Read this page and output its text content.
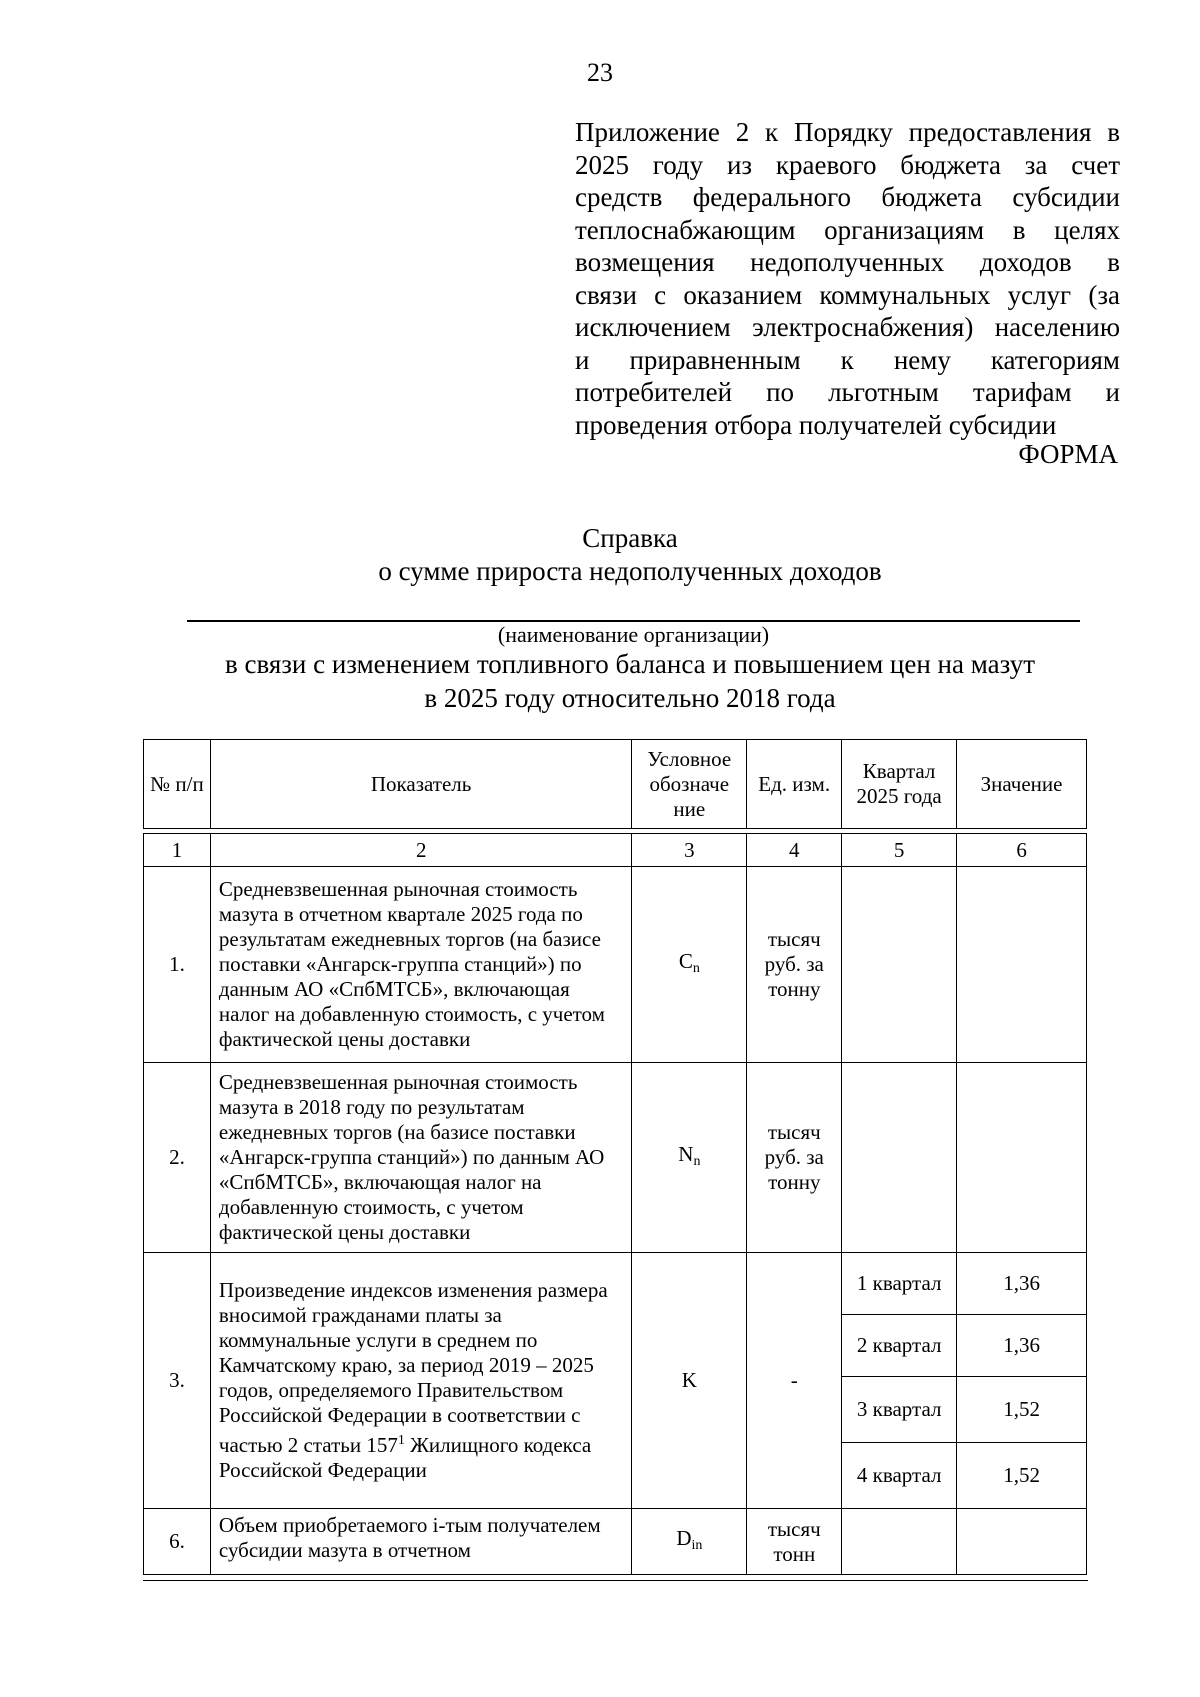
23
Приложение 2 к Порядку предоставления в
2025 году из краевого бюджета за счет
средств федерального бюджета субсидии
теплоснабжающим организациям в целях
возмещения недополученных доходов в
связи с оказанием коммунальных услуг (за
исключением электроснабжения) населению
и приравненным к нему категориям
потребителей по льготным тарифам и
проведения отбора получателей субсидии
ФОРМА
Справка
о сумме прироста недополученных доходов
(наименование организации)
в связи с изменением топливного баланса и повышением цен на мазут
в 2025 году относительно 2018 года
№ п/п	Показатель	Условное обозначе ние	Ед. изм.	Квартал 2025 года	Значение
1	2	3	4	5	6
1.	Средневзвешенная рыночная стоимость мазута в отчетном квартале 2025 года по результатам ежедневных торгов (на базисе поставки «Ангарск-группа станций») по данным АО «СпбМТСБ», включающая налог на добавленную стоимость, с учетом фактической цены доставки	$C_n$	тысяч руб. за тонну		
2.	Средневзвешенная рыночная стоимость мазута в 2018 году по результатам ежедневных торгов (на базисе поставки «Ангарск-группа станций») по данным АО «СпбМТСБ», включающая налог на добавленную стоимость, с учетом фактической цены доставки	$N_n$	тысяч руб. за тонну		
3.	Произведение индексов изменения размера вносимой гражданами платы за коммунальные услуги в среднем по Камчатскому краю, за период 2019 – 2025 годов, определяемого Правительством Российской Федерации в соответствии с частью 2 статьи $157^1$ Жилищного кодекса Российской Федерации	K	-	1 квартал	1,36
				2 квартал	1,36
				3 квартал	1,52
				4 квартал	1,52
6.	Объем приобретаемого i-тым получателем субсидии мазута в отчетном	$D_{in}$	тысяч тонн		
